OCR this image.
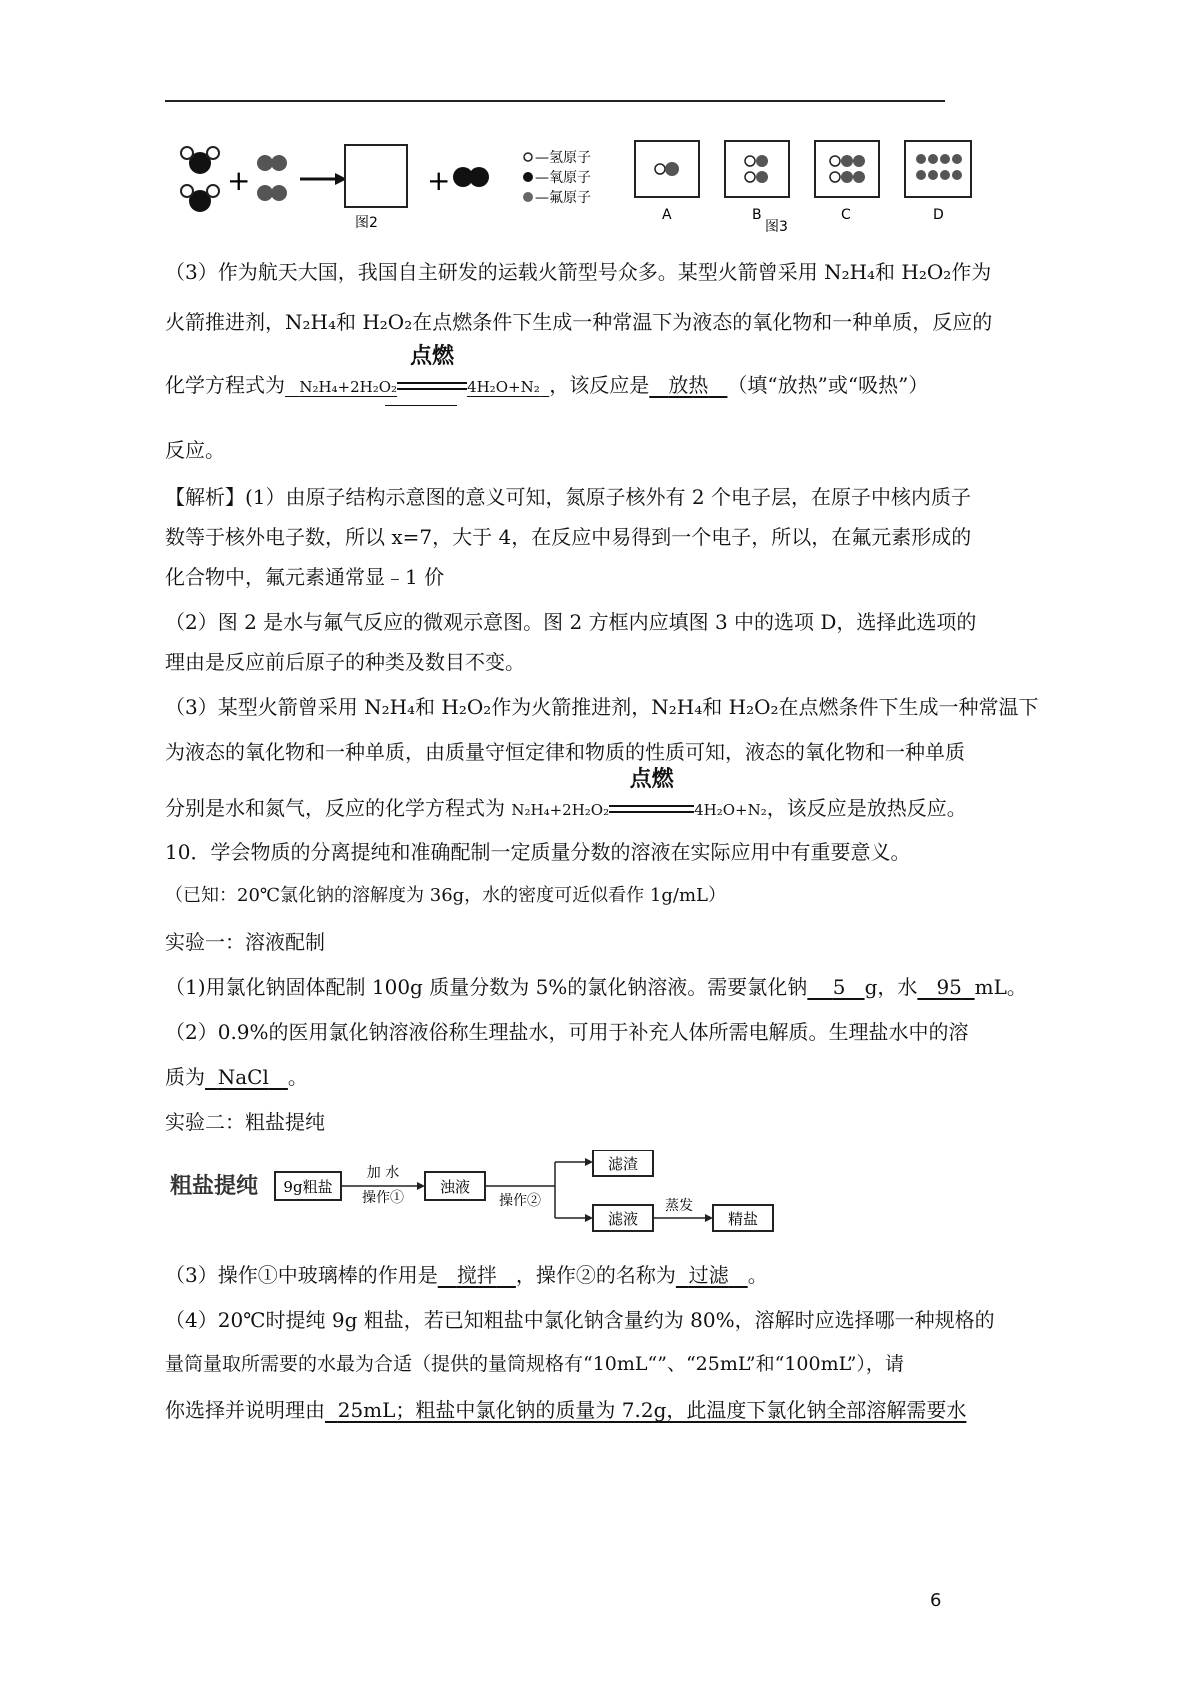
+	+
图2
—氢原子
—氧原子
—氟原子
A	B	C	D
图3
（3）作为航天大国，我国自主研发的运载火箭型号众多。某型火箭曾采用 N₂H₄和 H₂O₂作为
火箭推进剂，N₂H₄和 H₂O₂在点燃条件下生成一种常温下为液态的氧化物和一种单质，反应的
化学方程式为 N₂H₄+2H₂O₂
点燃
4H₂O+N₂ ，该反应是 放热 （填“放热”或“吸热”）
反应。
【解析】(1）由原子结构示意图的意义可知，氮原子核外有 2 个电子层，在原子中核内质子
数等于核外电子数，所以 x=7，大于 4，在反应中易得到一个电子，所以，在氟元素形成的
化合物中，氟元素通常显﹣1 价
（2）图 2 是水与氟气反应的微观示意图。图 2 方框内应填图 3 中的选项 D，选择此选项的
理由是反应前后原子的种类及数目不变。
（3）某型火箭曾采用 N₂H₄和 H₂O₂作为火箭推进剂，N₂H₄和 H₂O₂在点燃条件下生成一种常温下
为液态的氧化物和一种单质，由质量守恒定律和物质的性质可知，液态的氧化物和一种单质
分别是水和氮气，反应的化学方程式为 N₂H₄+2H₂O₂
点燃
4H₂O+N₂，该反应是放热反应。
10．学会物质的分离提纯和准确配制一定质量分数的溶液在实际应用中有重要意义。
（已知：20℃氯化钠的溶解度为 36g，水的密度可近似看作 1g/mL）
实验一：溶液配制
（1)用氯化钠固体配制 100g 质量分数为 5%的氯化钠溶液。需要氯化钠 5 g，水 95 mL。
（2）0.9%的医用氯化钠溶液俗称生理盐水，可用于补充人体所需电解质。生理盐水中的溶
质为 NaCl 。
实验二：粗盐提纯
粗盐提纯 9g粗盐
加 水
操作①
浊液
操作②
滤渣
滤液
蒸发
精盐
（3）操作①中玻璃棒的作用是 搅拌 ，操作②的名称为 过滤 。
（4）20℃时提纯 9g 粗盐，若已知粗盐中氯化钠含量约为 80%，溶解时应选择哪一种规格的
量筒量取所需要的水最为合适（提供的量筒规格有“10mL“”、“25mL”和“100mL”），请
你选择并说明理由 25mL；粗盐中氯化钠的质量为 7.2g，此温度下氯化钠全部溶解需要水
6
